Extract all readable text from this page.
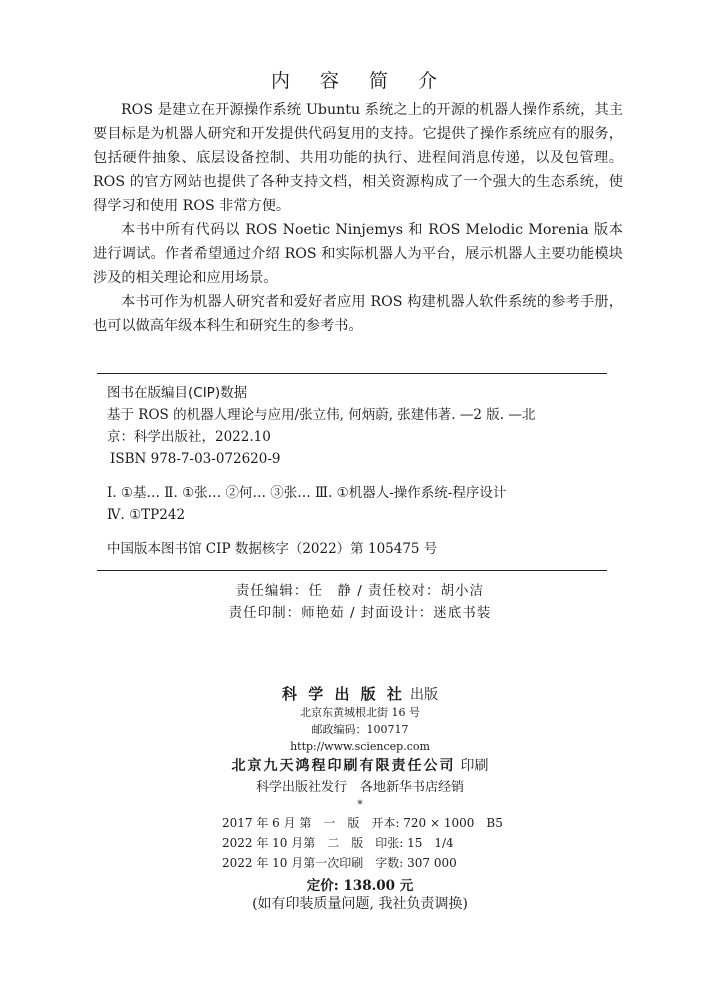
内 容 简 介

ROS 是建立在开源操作系统 Ubuntu 系统之上的开源的机器人操作系统，其主要目标是为机器人研究和开发提供代码复用的支持。它提供了操作系统应有的服务，包括硬件抽象、底层设备控制、共用功能的执行、进程间消息传递，以及包管理。ROS 的官方网站也提供了各种支持文档，相关资源构成了一个强大的生态系统，使得学习和使用 ROS 非常方便。

本书中所有代码以 ROS Noetic Ninjemys 和 ROS Melodic Morenia 版本进行调试。作者希望通过介绍 ROS 和实际机器人为平台，展示机器人主要功能模块涉及的相关理论和应用场景。

本书可作为机器人研究者和爱好者应用 ROS 构建机器人软件系统的参考手册，也可以做高年级本科生和研究生的参考书。

图书在版编目(CIP)数据
基于 ROS 的机器人理论与应用/张立伟, 何炳蔚, 张建伟著. —2 版. —北
京：科学出版社，2022.10
ISBN 978-7-03-072620-9
Ⅰ. ①基… Ⅱ. ①张… ②何… ③张… Ⅲ. ①机器人-操作系统-程序设计
Ⅳ. ①TP242
中国版本图书馆 CIP 数据核字（2022）第 105475 号
责任编辑：任　静 / 责任校对：胡小洁
责任印制：师艳茹 / 封面设计：迷底书装
科 学 出 版 社 出版
北京东黄城根北街 16 号
邮政编码：100717
http://www.sciencep.com
北京九天鸿程印刷有限责任公司 印刷
科学出版社发行　各地新华书店经销
*
2017 年 6 月 第　一　版　开本: 720 × 1000　B5
2022 年 10 月第　二　版　印张: 15　1/4
2022 年 10 月第一次印刷　字数: 307 000
定价: 138.00 元
(如有印装质量问题, 我社负责调换)
